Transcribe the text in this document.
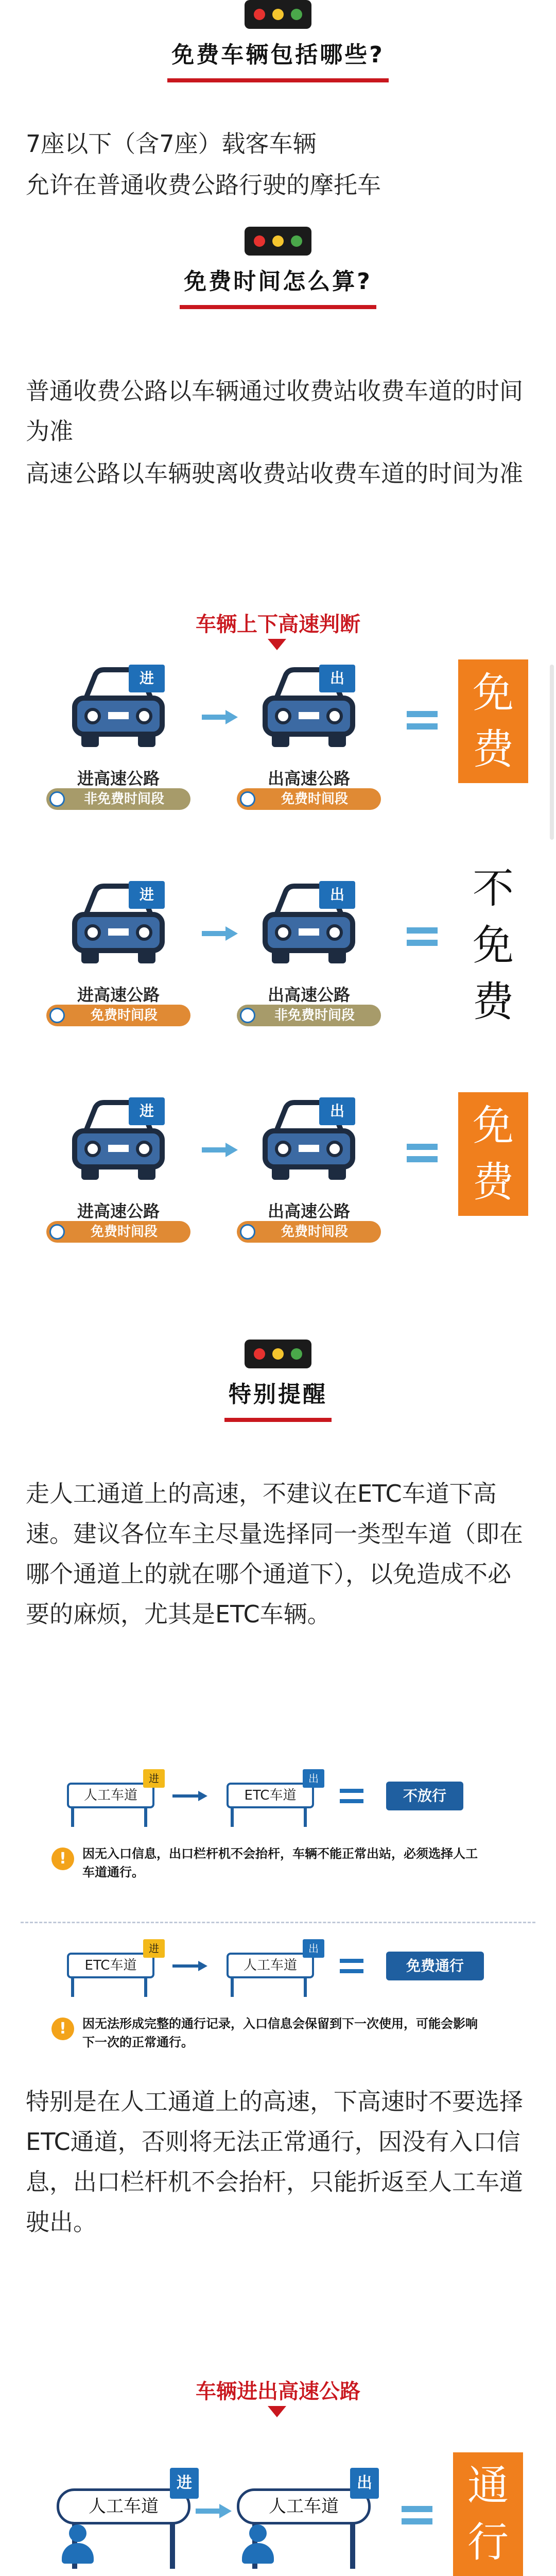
免费车辆包括哪些?
7座以下（含7座）载客车辆
允许在普通收费公路行驶的摩托车
免费时间怎么算?
普通收费公路以车辆通过收费站收费车道的时间为准
高速公路以车辆驶离收费站收费车道的时间为准
车辆上下高速判断
进
进高速公路
非免费时间段
出
出高速公路
免费时间段
免费
进
进高速公路
免费时间段
出
出高速公路
非免费时间段
不免费
进
进高速公路
免费时间段
出
出高速公路
免费时间段
免费
特别提醒
走人工通道上的高速，不建议在ETC车道下高速。建议各位车主尽量选择同一类型车道（即在哪个通道上的就在哪个通道下），以免造成不必要的麻烦，尤其是ETC车辆。
人工车道
进
ETC车道
出
不放行
!	因无入口信息，出口栏杆机不会抬杆，车辆不能正常出站，必须选择人工车道通行。
ETC车道
进
人工车道
出
免费通行
!	因无法形成完整的通行记录，入口信息会保留到下一次使用，可能会影响下一次的正常通行。
特别是在人工通道上的高速，下高速时不要选择ETC通道，否则将无法正常通行，因没有入口信息，出口栏杆机不会抬杆，只能折返至人工车道驶出。
车辆进出高速公路
人工车道
进
人工车道
出	通行
